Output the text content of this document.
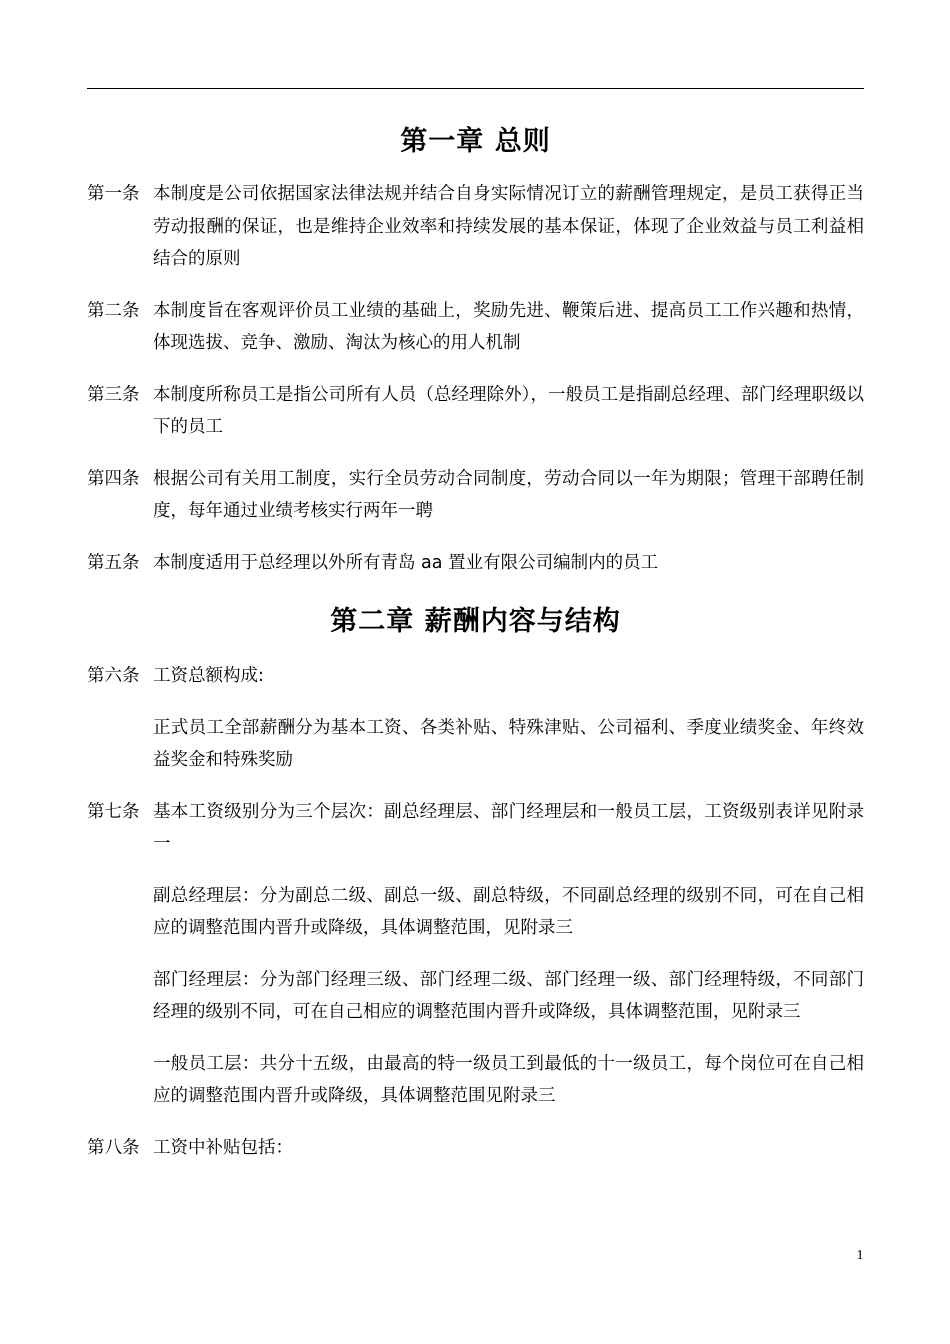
第一章 总则
第一条 本制度是公司依据国家法律法规并结合自身实际情况订立的薪酬管理规定，是员工获得正当劳动报酬的保证，也是维持企业效率和持续发展的基本保证，体现了企业效益与员工利益相结合的原则
第二条 本制度旨在客观评价员工业绩的基础上，奖励先进、鞭策后进、提高员工工作兴趣和热情，体现选拔、竞争、激励、淘汰为核心的用人机制
第三条 本制度所称员工是指公司所有人员（总经理除外），一般员工是指副总经理、部门经理职级以下的员工
第四条 根据公司有关用工制度，实行全员劳动合同制度，劳动合同以一年为期限；管理干部聘任制度，每年通过业绩考核实行两年一聘
第五条 本制度适用于总经理以外所有青岛 aa 置业有限公司编制内的员工
第二章 薪酬内容与结构
第六条 工资总额构成:
正式员工全部薪酬分为基本工资、各类补贴、特殊津贴、公司福利、季度业绩奖金、年终效益奖金和特殊奖励
第七条 基本工资级别分为三个层次：副总经理层、部门经理层和一般员工层，工资级别表详见附录一
副总经理层：分为副总二级、副总一级、副总特级，不同副总经理的级别不同，可在自己相应的调整范围内晋升或降级，具体调整范围，见附录三
部门经理层：分为部门经理三级、部门经理二级、部门经理一级、部门经理特级，不同部门经理的级别不同，可在自己相应的调整范围内晋升或降级，具体调整范围，见附录三
一般员工层：共分十五级，由最高的特一级员工到最低的十一级员工，每个岗位可在自己相应的调整范围内晋升或降级，具体调整范围见附录三
第八条 工资中补贴包括：
1
